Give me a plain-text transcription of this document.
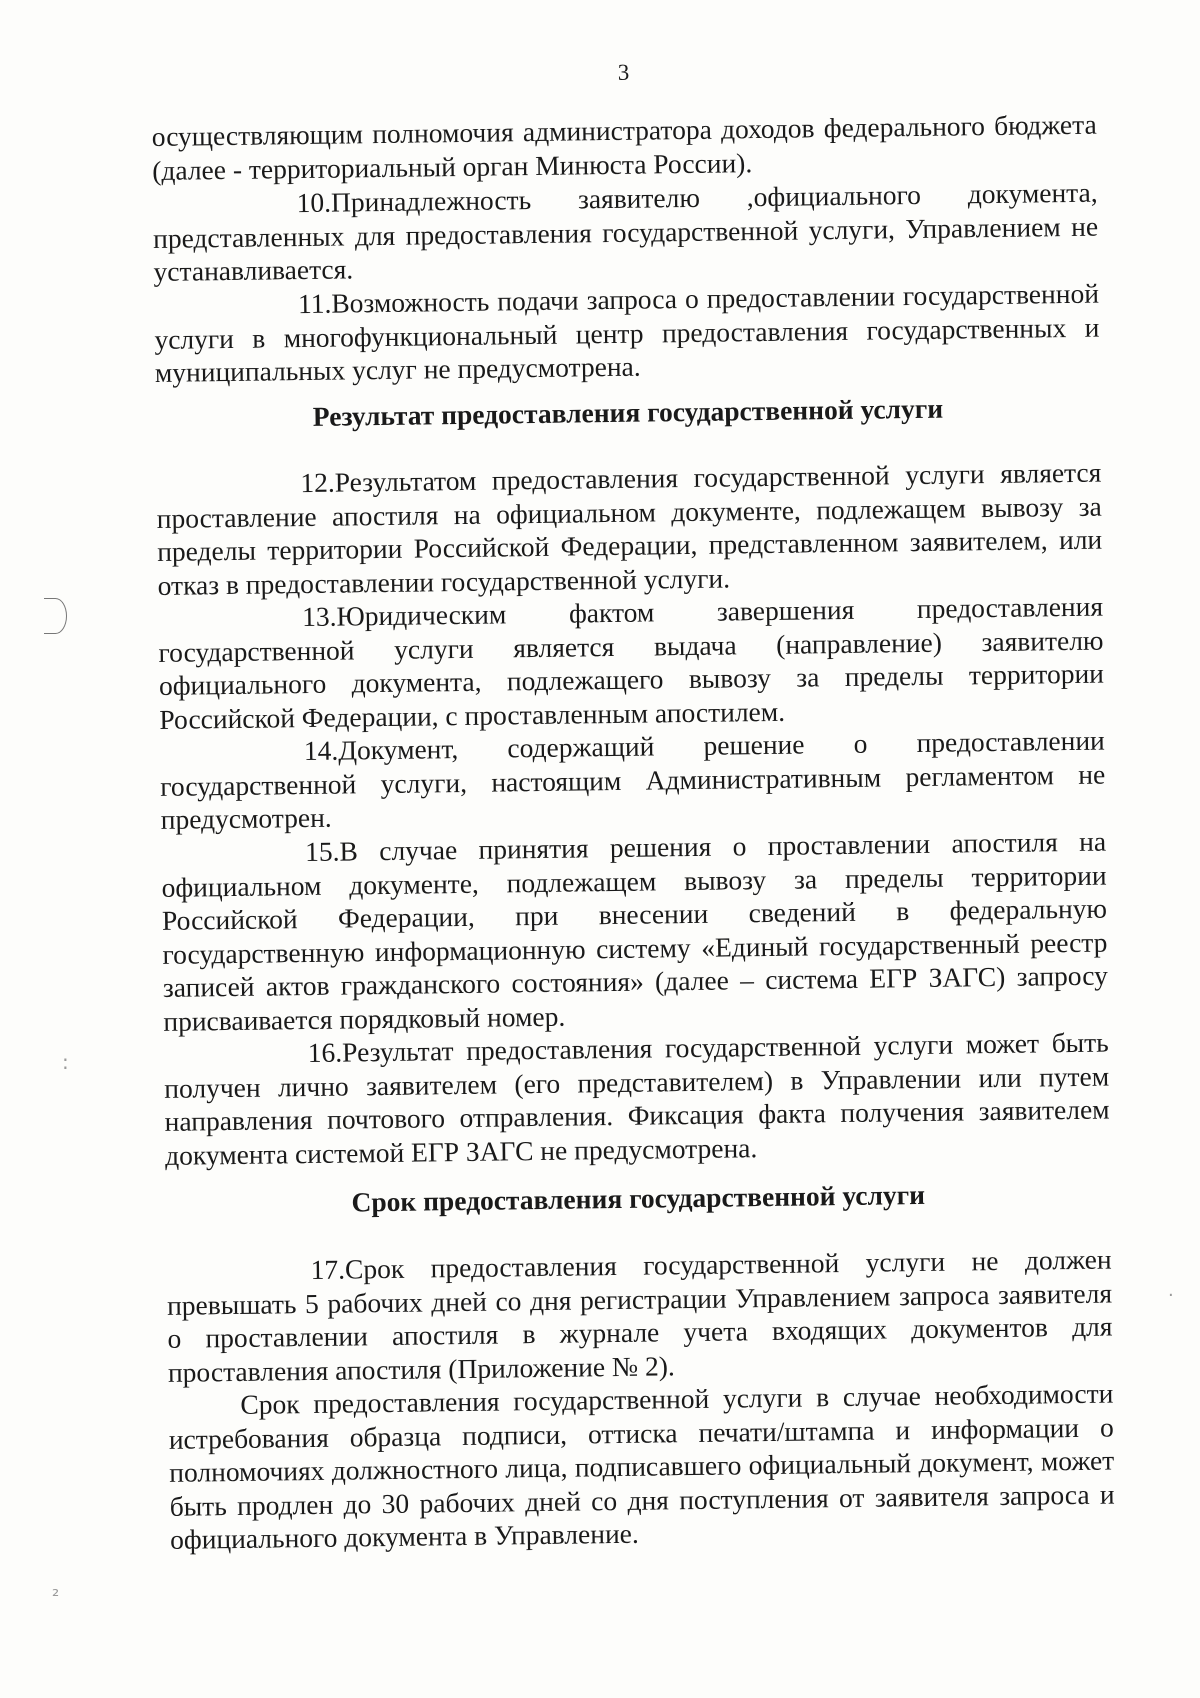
:
₂
·
3

осуществляющим полномочия администратора доходов федерального бюджета (далее - территориальный орган Минюста России).

10.Принадлежность заявителю ,официального документа, представленных для предоставления государственной услуги, Управлением не устанавливается.

11.Возможность подачи запроса о предоставлении государственной услуги в многофункциональный центр предоставления государственных и муниципальных услуг не предусмотрена.

Результат предоставления государственной услуги

12.Результатом предоставления государственной услуги является проставление апостиля на официальном документе, подлежащем вывозу за пределы территории Российской Федерации, представленном заявителем, или отказ в предоставлении государственной услуги.

13.Юридическим фактом завершения предоставления государственной услуги является выдача (направление) заявителю официального документа, подлежащего вывозу за пределы территории Российской Федерации, с проставленным апостилем.

14.Документ, содержащий решение о предоставлении государственной услуги, настоящим Административным регламентом не предусмотрен.

15.В случае принятия решения о проставлении апостиля на официальном документе, подлежащем вывозу за пределы территории Российской Федерации, при внесении сведений в федеральную государственную информационную систему «Единый государственный реестр записей актов гражданского состояния» (далее – система ЕГР ЗАГС) запросу присваивается порядковый номер.

16.Результат предоставления государственной услуги может быть получен лично заявителем (его представителем) в Управлении или путем направления почтового отправления. Фиксация факта получения заявителем документа системой ЕГР ЗАГС не предусмотрена.

Срок предоставления государственной услуги

17.Срок предоставления государственной услуги не должен превышать 5 рабочих дней со дня регистрации Управлением запроса заявителя о проставлении апостиля в журнале учета входящих документов для проставления апостиля (Приложение № 2).

Срок предоставления государственной услуги в случае необходимости истребования образца подписи, оттиска печати/штампа и информации о полномочиях должностного лица, подписавшего официальный документ, может быть продлен до 30 рабочих дней со дня поступления от заявителя запроса и официального документа в Управление.
